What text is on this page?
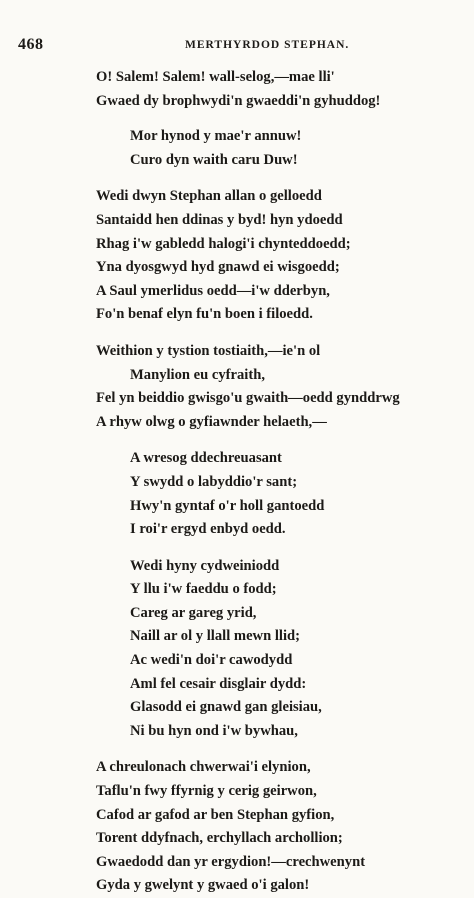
468	MERTHYRDOD STEPHAN.
O! Salem! Salem! wall-selog,—mae lli'
Gwaed dy brophwydi'n gwaeddi'n gyhuddog!
Mor hynod y mae'r annuw!
Curo dyn waith caru Duw!
Wedi dwyn Stephan allan o gelloedd
Santaidd hen ddinas y byd! hyn ydoedd
Rhag i'w gabledd halogi'i chynteddoedd;
Yna dyosgwyd hyd gnawd ei wisgoedd;
A Saul ymerlidus oedd—i'w dderbyn,
Fo'n benaf elyn fu'n boen i filoedd.
Weithion y tystion tostiaith,—ie'n ol
Manylion eu cyfraith,
Fel yn beiddio gwisgo'u gwaith—oedd gynddrwg
A rhyw olwg o gyfiawnder helaeth,—
A wresog ddechreuasant
Y swydd o labyddio'r sant;
Hwy'n gyntaf o'r holl gantoedd
I roi'r ergyd enbyd oedd.
Wedi hyny cydweiniodd
Y llu i'w faeddu o fodd;
Careg ar gareg yrid,
Naill ar ol y llall mewn llid;
Ac wedi'n doi'r cawodydd
Aml fel cesair disglair dydd:
Glasodd ei gnawd gan gleisiau,
Ni bu hyn ond i'w bywhau,
A chreulonach chwerwai'i elynion,
Taflu'n fwy ffyrnig y cerig geirwon,
Cafod ar gafod ar ben Stephan gyfion,
Torent ddyfnach, erchyllach archollion;
Gwaedodd dan yr ergydion!—crechwenynt
Gyda y gwelynt y gwaed o'i galon!
